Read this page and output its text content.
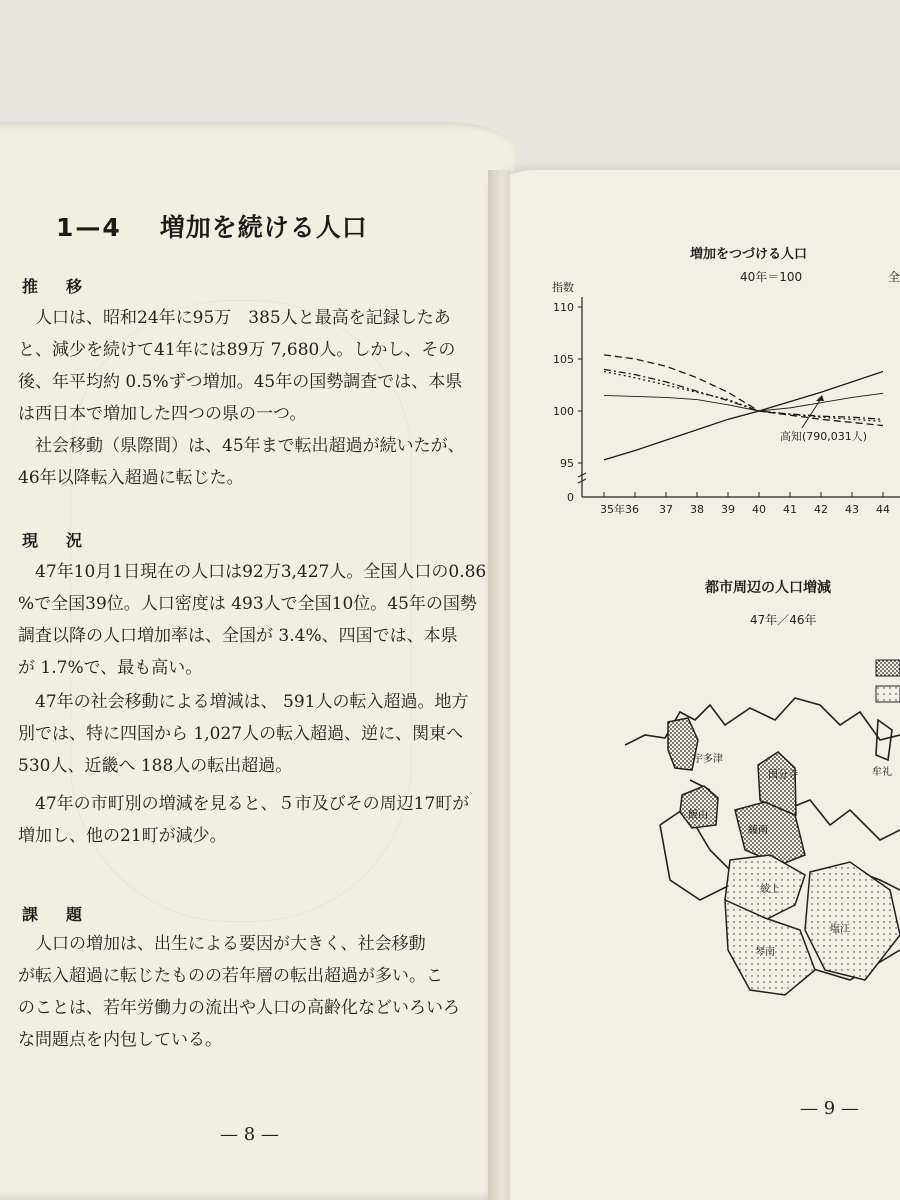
1—4 増加を続ける人口
推　移
　人口は、昭和24年に95万　385人と最高を記録したあ
と、減少を続けて41年には89万 7,680人。しかし、その
後、年平均約 0.5%ずつ増加。45年の国勢調査では、本県
は西日本で増加した四つの県の一つ。
　社会移動（県際間）は、45年まで転出超過が続いたが、
46年以降転入超過に転じた。
現　況
　47年10月1日現在の人口は92万3,427人。全国人口の0.86
%で全国39位。人口密度は 493人で全国10位。45年の国勢
調査以降の人口増加率は、全国が 3.4%、四国では、本県
が 1.7%で、最も高い。
　47年の社会移動による増減は、 591人の転入超過。地方
別では、特に四国から 1,027人の転入超過、逆に、関東へ
530人、近畿へ 188人の転出超過。
　47年の市町別の増減を見ると、５市及びその周辺17町が
増加し、他の21町が減少。
課　題
　人口の増加は、出生による要因が大きく、社会移動
が転入超過に転じたものの若年層の転出超過が多い。こ
のことは、若年労働力の流出や人口の高齢化などいろいろ
な問題点を内包している。
— 8 —
増加をつづける人口
40年＝100	全
指数
110
105
100
95
0
35年36 37 38 39 40 41 42 43 44
高知(790,031人)
都市周辺の人口増減
47年／46年
宇多津
国分寺	牟礼
飯山
綾南
綾上
琴南
塩江
— 9 —
